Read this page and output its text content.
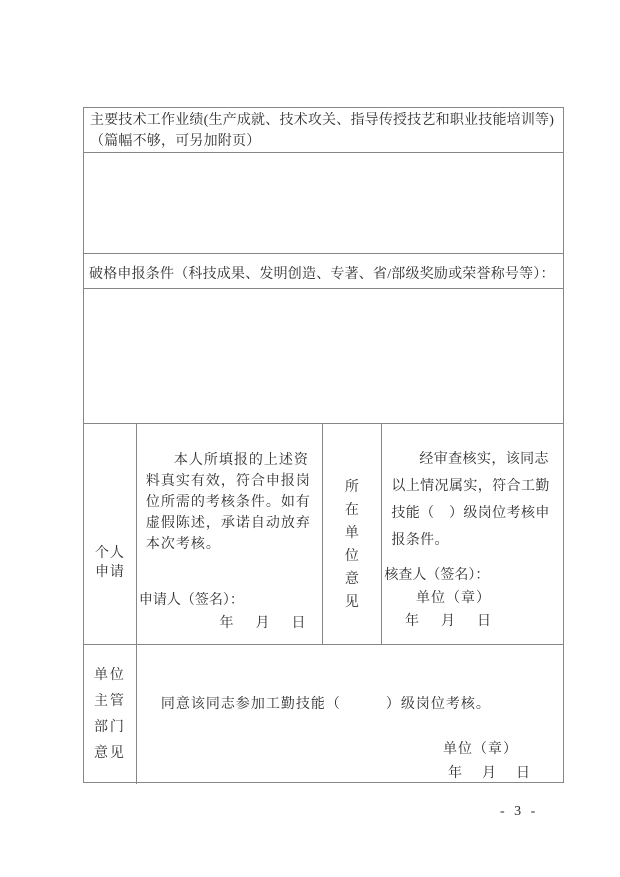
主要技术工作业绩(生产成就、技术攻关、指导传授技艺和职业技能培训等)
（篇幅不够，可另加附页）
破格申报条件（科技成果、发明创造、专著、省/部级奖励或荣誉称号等）：
个人
申请

本人所填报的上述资料真实有效，符合申报岗位所需的考核条件。如有虚假陈述，承诺自动放弃本次考核。

申请人（签名）：
年　月　日
所
在
单
位
意
见

经审查核实，该同志以上情况属实，符合工勤技能（　）级岗位考核申报条件。

核查人（签名）：
单位（章）
年　月　日
单位
主管
部门
意见
同意该同志参加工勤技能（　　　）级岗位考核。
单位（章）
年　月　日
- 3 -
